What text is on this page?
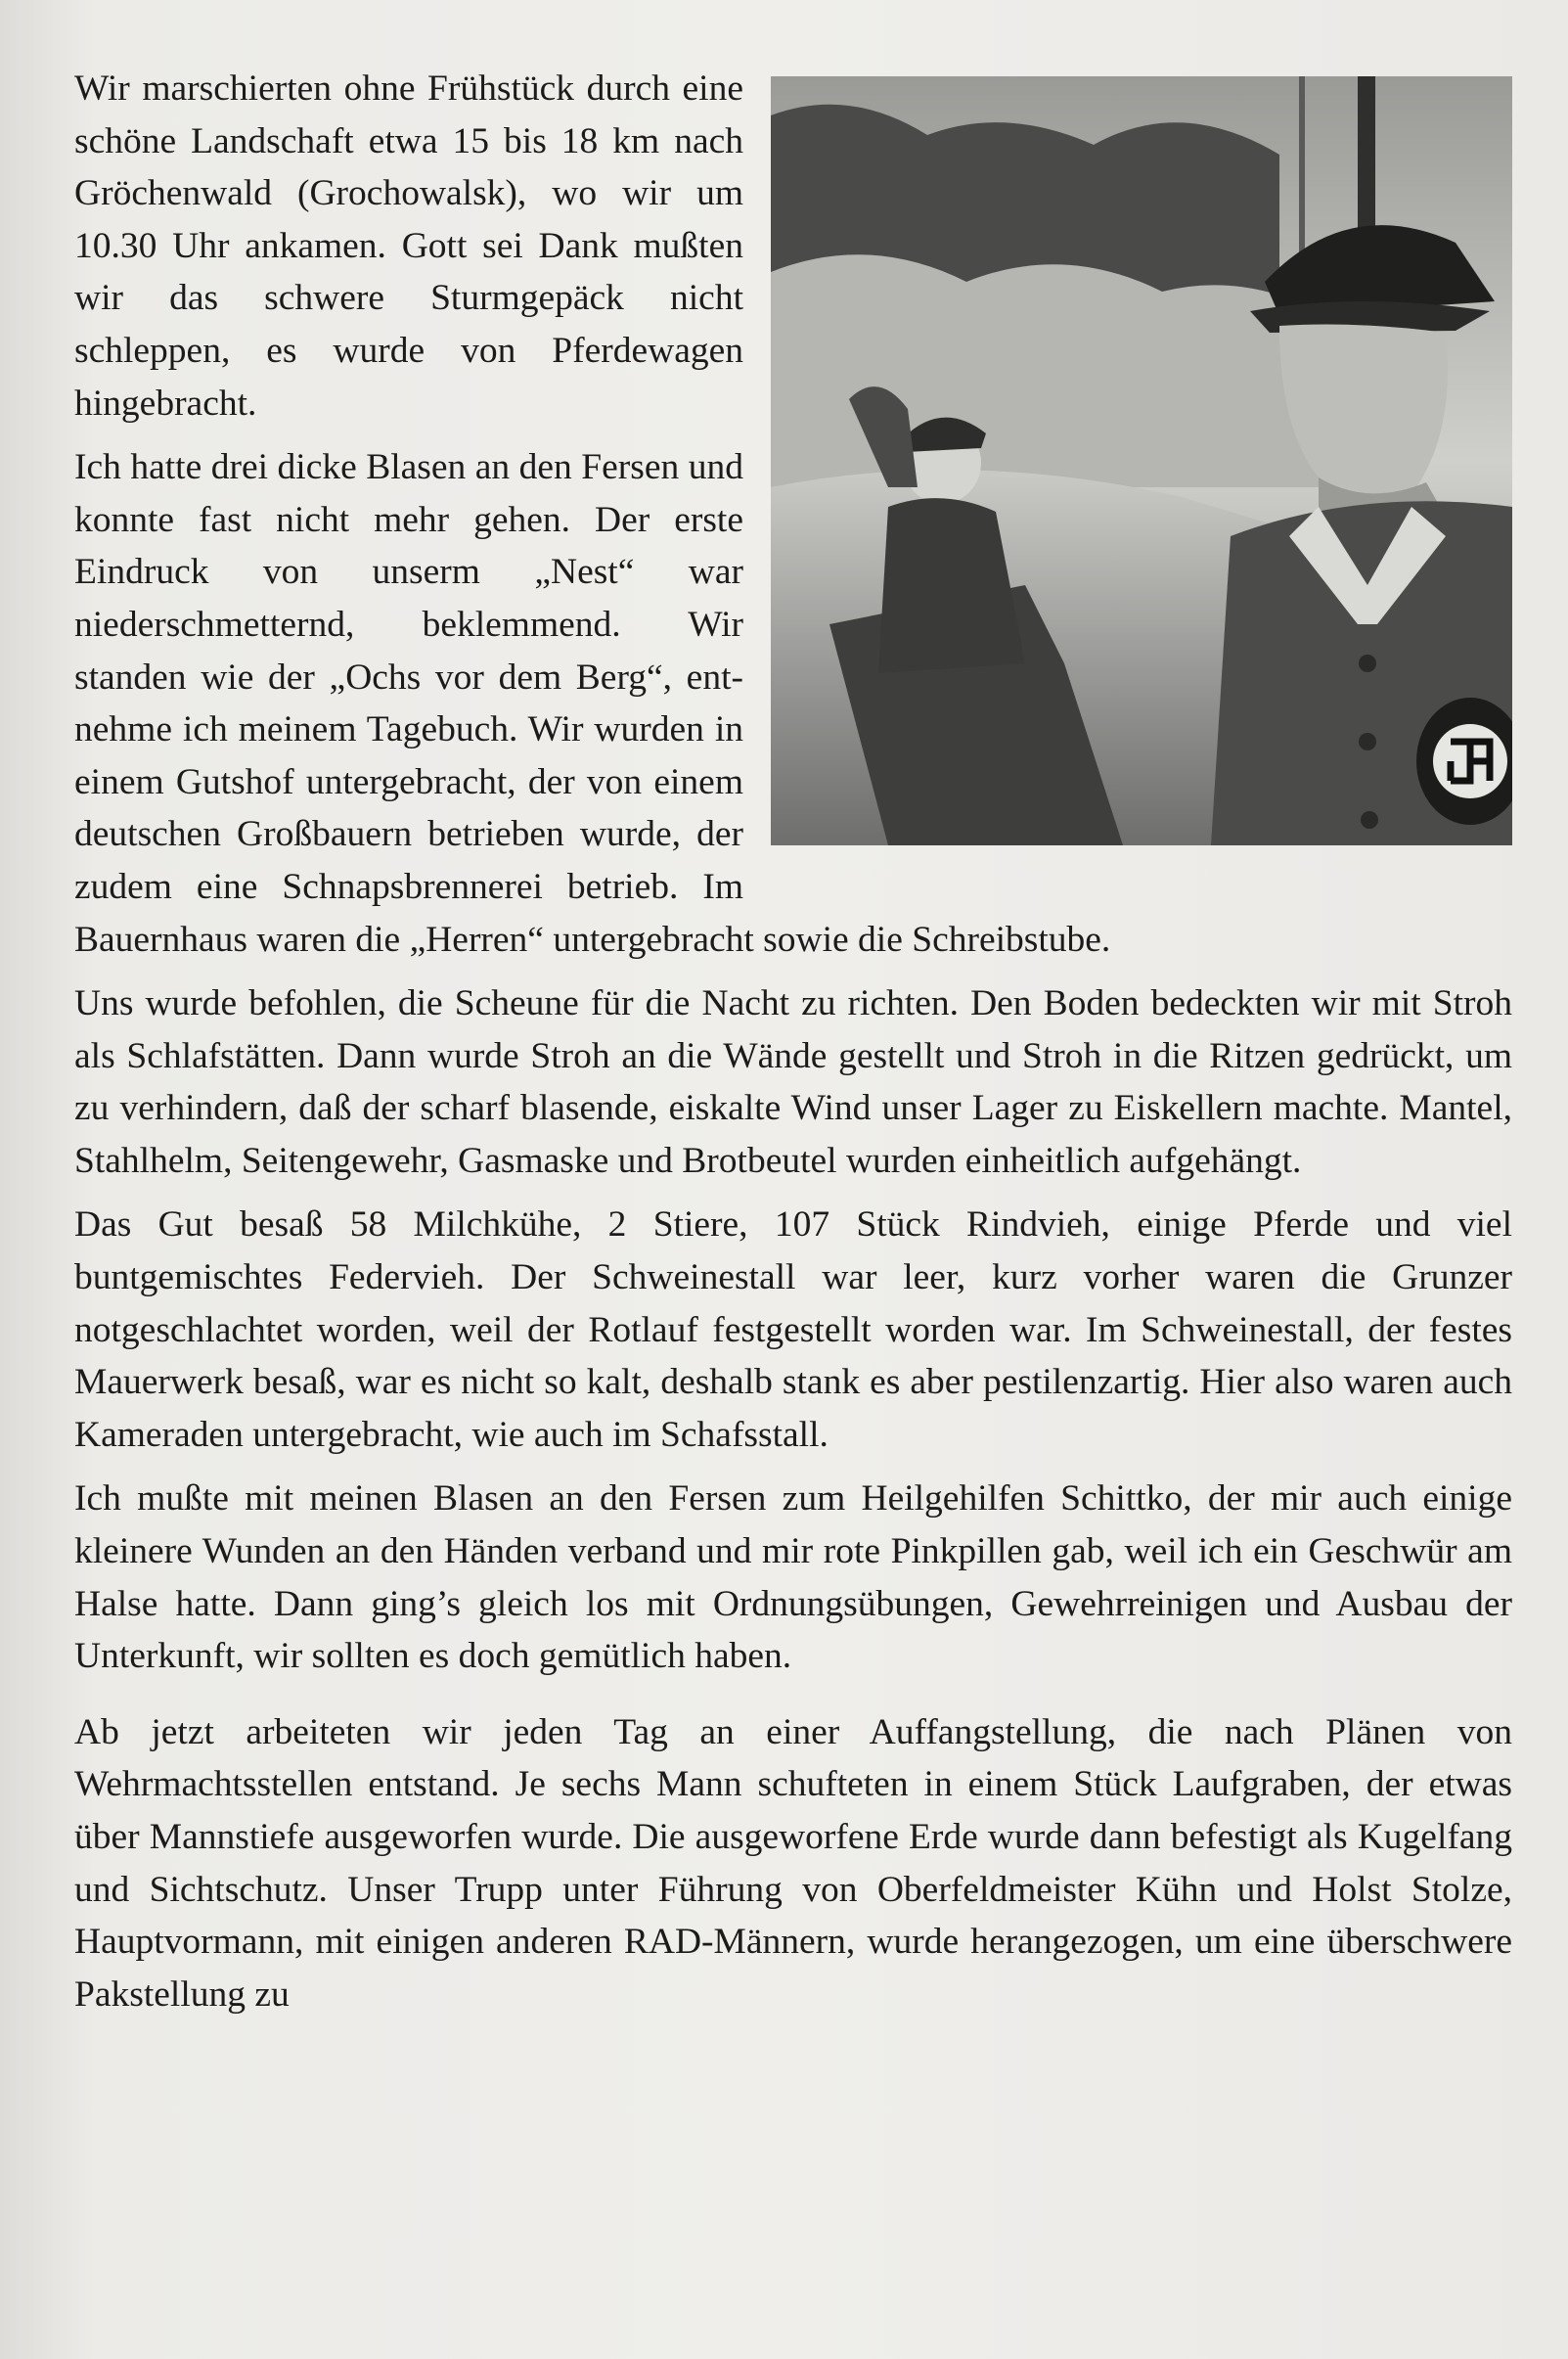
Wir marschierten ohne Frühstück durch eine schöne Landschaft etwa 15 bis 18 km nach Gröchenwald (Grochowalsk), wo wir um 10.30 Uhr ankamen. Gott sei Dank mußten wir das schwere Sturmgepäck nicht schleppen, es wurde von Pferdewagen hingebracht.

Ich hatte drei dicke Blasen an den Fersen und konnte fast nicht mehr gehen. Der erste Eindruck von unserm „Nest“ war niederschmetternd, beklemmend. Wir standen wie der „Ochs vor dem Berg“, entnehme ich meinem Tagebuch. Wir wurden in einem Gutshof untergebracht, der von einem deutschen Großbauern betrieben wurde, der zudem eine Schnapsbrennerei betrieb. Im Bauernhaus waren die „Herren“ untergebracht sowie die Schreibstube.

Uns wurde befohlen, die Scheune für die Nacht zu richten. Den Boden bedeckten wir mit Stroh als Schlafstätten. Dann wurde Stroh an die Wände gestellt und Stroh in die Ritzen gedrückt, um zu verhindern, daß der scharf blasende, eiskalte Wind unser Lager zu Eiskellern machte. Mantel, Stahlhelm, Seitengewehr, Gasmaske und Brotbeutel wurden einheitlich aufgehängt.

Das Gut besaß 58 Milchkühe, 2 Stiere, 107 Stück Rindvieh, einige Pferde und viel buntgemischtes Federvieh. Der Schweinestall war leer, kurz vorher waren die Grunzer notgeschlachtet worden, weil der Rotlauf festgestellt worden war. Im Schweinestall, der festes Mauerwerk besaß, war es nicht so kalt, deshalb stank es aber pestilenzartig. Hier also waren auch Kameraden untergebracht, wie auch im Schafsstall.

Ich mußte mit meinen Blasen an den Fersen zum Heilgehilfen Schittko, der mir auch einige kleinere Wunden an den Händen verband und mir rote Pinkpillen gab, weil ich ein Geschwür am Halse hatte. Dann ging’s gleich los mit Ordnungsübungen, Gewehrreinigen und Ausbau der Unterkunft, wir sollten es doch gemütlich haben.

Ab jetzt arbeiteten wir jeden Tag an einer Auffangstellung, die nach Plänen von Wehrmachtsstellen entstand. Je sechs Mann schufteten in einem Stück Laufgraben, der etwas über Mannstiefe ausgeworfen wurde. Die ausgeworfene Erde wurde dann befestigt als Kugelfang und Sichtschutz. Unser Trupp unter Führung von Oberfeldmeister Kühn und Holst Stolze, Hauptvormann, mit einigen anderen RAD-Männern, wurde herangezogen, um eine überschwere Pakstellung zu
